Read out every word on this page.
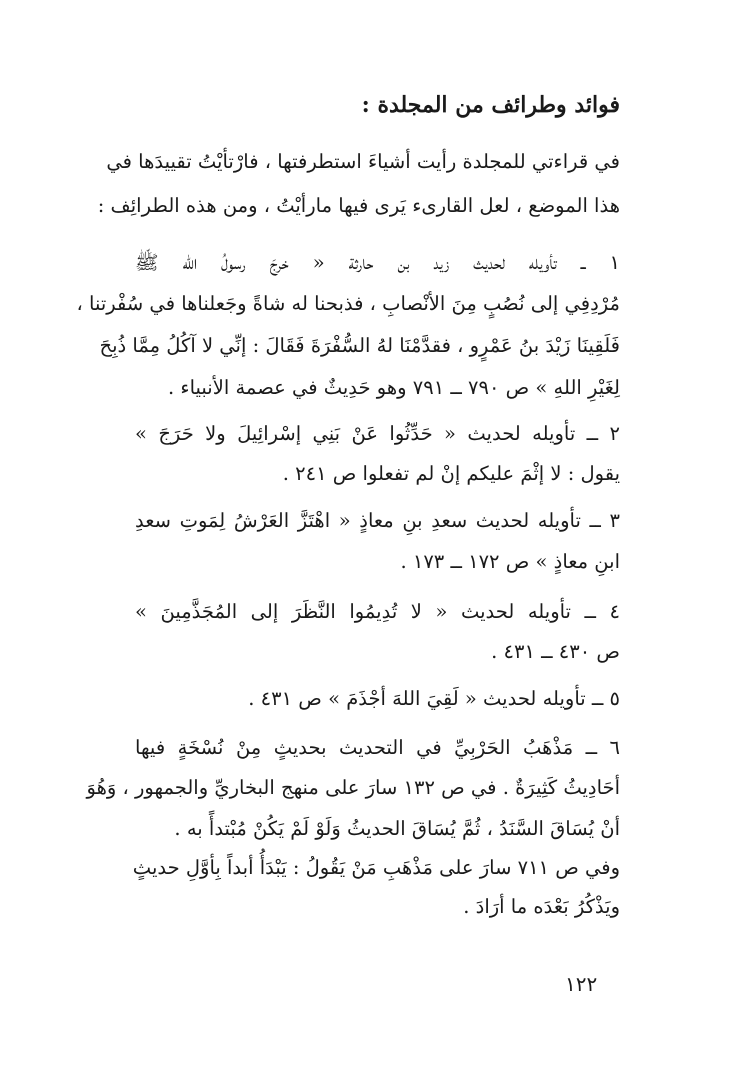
فوائد وطرائف من المجلدة :
في قراءتي للمجلدة رأيت أشياءَ استطرفتها ، فارْتأيْتُ تقييدَها في
هذا الموضع ، لعل القارىء يَرى فيها مارأيْتُ ، ومن هذه الطرائِف :
١ ــ تأويله لحديث زيد بن حارثة « خرجَ رسولُ الله ﷺ
مُرْدِفِي إلى نُصُبٍ مِنَ الأنْصابِ ، فذبحنا له شاةً وجَعلناها في سُفْرتنا ،
فَلَقِينَا زَيْدَ بنُ عَمْرٍو ، فقدَّمْنَا لهُ السُّفْرَةَ فَقَالَ : إنِّي لا آكُلُ مِمَّا ذُبِحَ
لِغَيْرِ اللهِ » ص ٧٩٠ ــ ٧٩١ وهو حَدِيثٌ في عصمة الأنبياء .
٢ ــ تأويله لحديث « حَدِّثُوا عَنْ بَنِي إسْرائِيلَ ولا حَرَجَ »
يقول : لا إثْمَ عليكم إنْ لم تفعلوا ص ٢٤١ .
٣ ــ تأويله لحديث سعدِ بنِ معاذٍ « اهْتَزَّ العَرْشُ لِمَوتِ سعدِ
ابنِ معاذٍ » ص ١٧٢ ــ ١٧٣ .
٤ ــ تأويله لحديث « لا تُدِيمُوا النَّظَرَ إلى المُجَذَّمِينَ »
ص ٤٣٠ ــ ٤٣١ .
٥ ــ تأويله لحديث « لَقِيَ اللهَ أجْذَمَ » ص ٤٣١ .
٦ ــ مَذْهَبُ الحَرْبِيِّ في التحديث بحديثٍ مِنْ نُسْخَةٍ فيها
أحَادِيثُ كَثِيرَةٌ . في ص ١٣٢ سارَ على منهج البخاريِّ والجمهور ، وَهُوَ
أنْ يُسَاقَ السَّنَدُ ، ثُمَّ يُسَاقَ الحديثُ وَلَوْ لَمْ يَكُنْ مُبْتدأً به .
وفي ص ٧١١ سارَ على مَذْهَبِ مَنْ يَقُولُ : يَبْدَأُ أبداً بِأوَّلِ حديثٍ
ويَذْكُرُ بَعْدَه ما أرَادَ .
١٢٢
